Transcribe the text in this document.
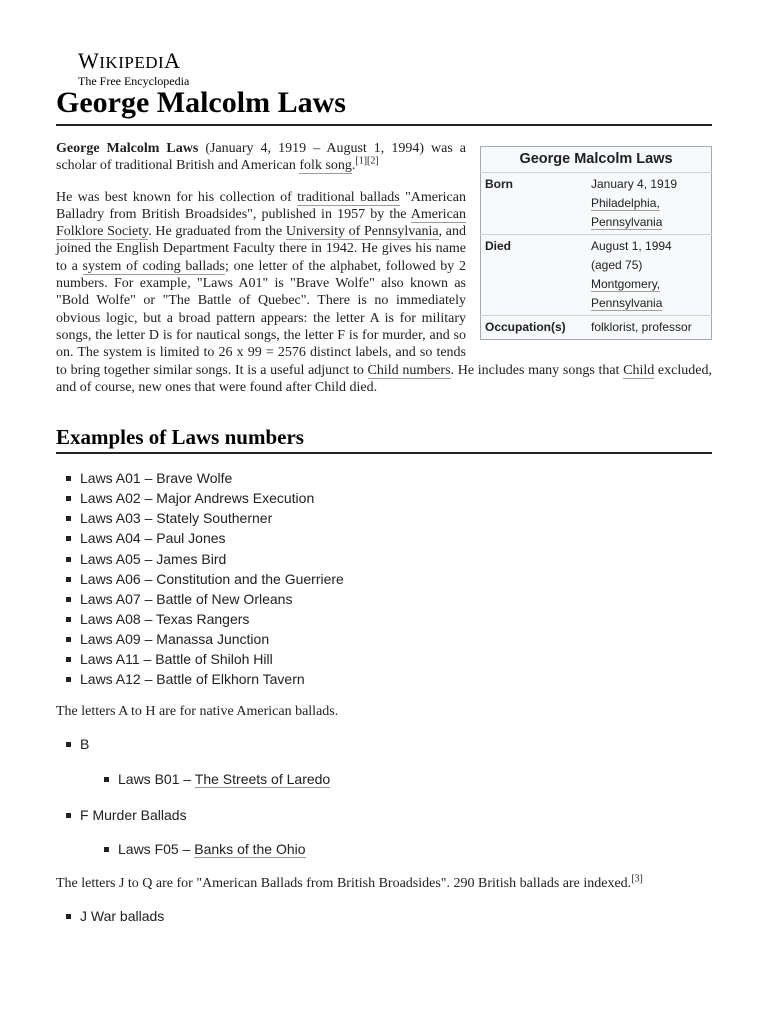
WIKIPEDIA
The Free Encyclopedia
George Malcolm Laws
George Malcolm Laws
Born	January 4, 1919
Philadelphia, Pennsylvania
Died	August 1, 1994
(aged 75)
Montgomery, Pennsylvania
Occupation(s)	folklorist, professor

George Malcolm Laws (January 4, 1919 – August 1, 1994) was a scholar of traditional British and American folk song.[1][2]

He was best known for his collection of traditional ballads "American Balladry from British Broadsides", published in 1957 by the American Folklore Society. He graduated from the University of Pennsylvania, and joined the English Department Faculty there in 1942. He gives his name to a system of coding ballads; one letter of the alphabet, followed by 2 numbers. For example, "Laws A01" is "Brave Wolfe" also known as "Bold Wolfe" or "The Battle of Quebec". There is no immediately obvious logic, but a broad pattern appears: the letter A is for military songs, the letter D is for nautical songs, the letter F is for murder, and so on. The system is limited to 26 x 99 = 2576 distinct labels, and so tends to bring together similar songs. It is a useful adjunct to Child numbers. He includes many songs that Child excluded, and of course, new ones that were found after Child died.

Examples of Laws numbers
Laws A01 – Brave Wolfe
Laws A02 – Major Andrews Execution
Laws A03 – Stately Southerner
Laws A04 – Paul Jones
Laws A05 – James Bird
Laws A06 – Constitution and the Guerriere
Laws A07 – Battle of New Orleans
Laws A08 – Texas Rangers
Laws A09 – Manassa Junction
Laws A11 – Battle of Shiloh Hill
Laws A12 – Battle of Elkhorn Tavern

The letters A to H are for native American ballads.

B
Laws B01 – The Streets of Laredo
F Murder Ballads
Laws F05 – Banks of the Ohio

The letters J to Q are for "American Ballads from British Broadsides". 290 British ballads are indexed.[3]

J War ballads
